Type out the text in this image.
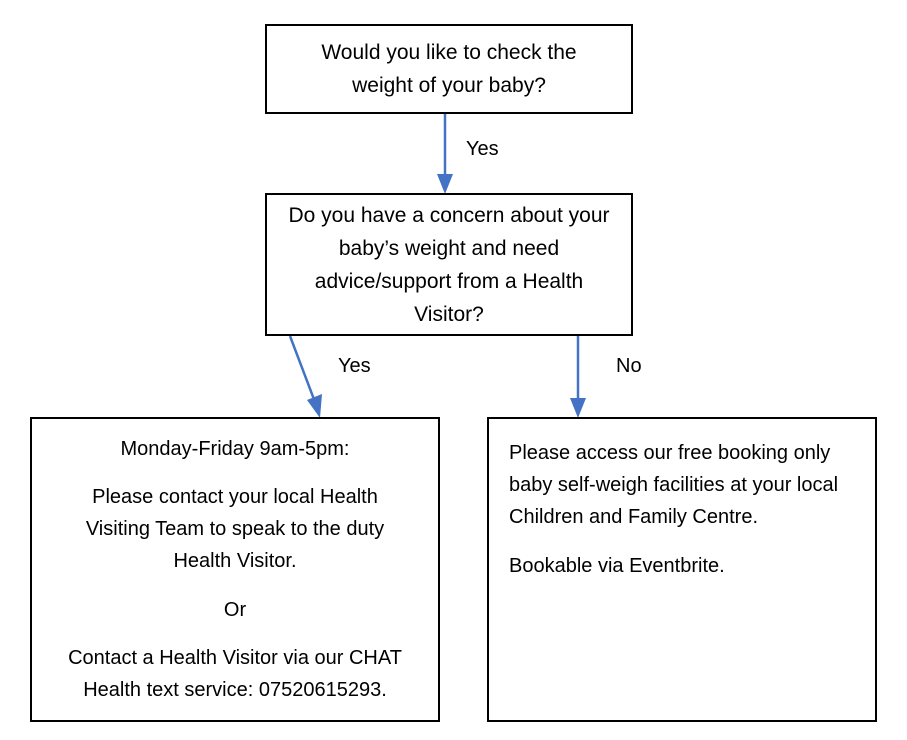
Would you like to check the
weight of your baby?
Yes
Do you have a concern about your
baby’s weight and need
advice/support from a Health
Visitor?
Yes	No
Monday-Friday 9am-5pm:
Please contact your local Health
Visiting Team to speak to the duty
Health Visitor.
Or
Contact a Health Visitor via our CHAT
Health text service: 07520615293.
Please access our free booking only
baby self-weigh facilities at your local
Children and Family Centre.
Bookable via Eventbrite.
